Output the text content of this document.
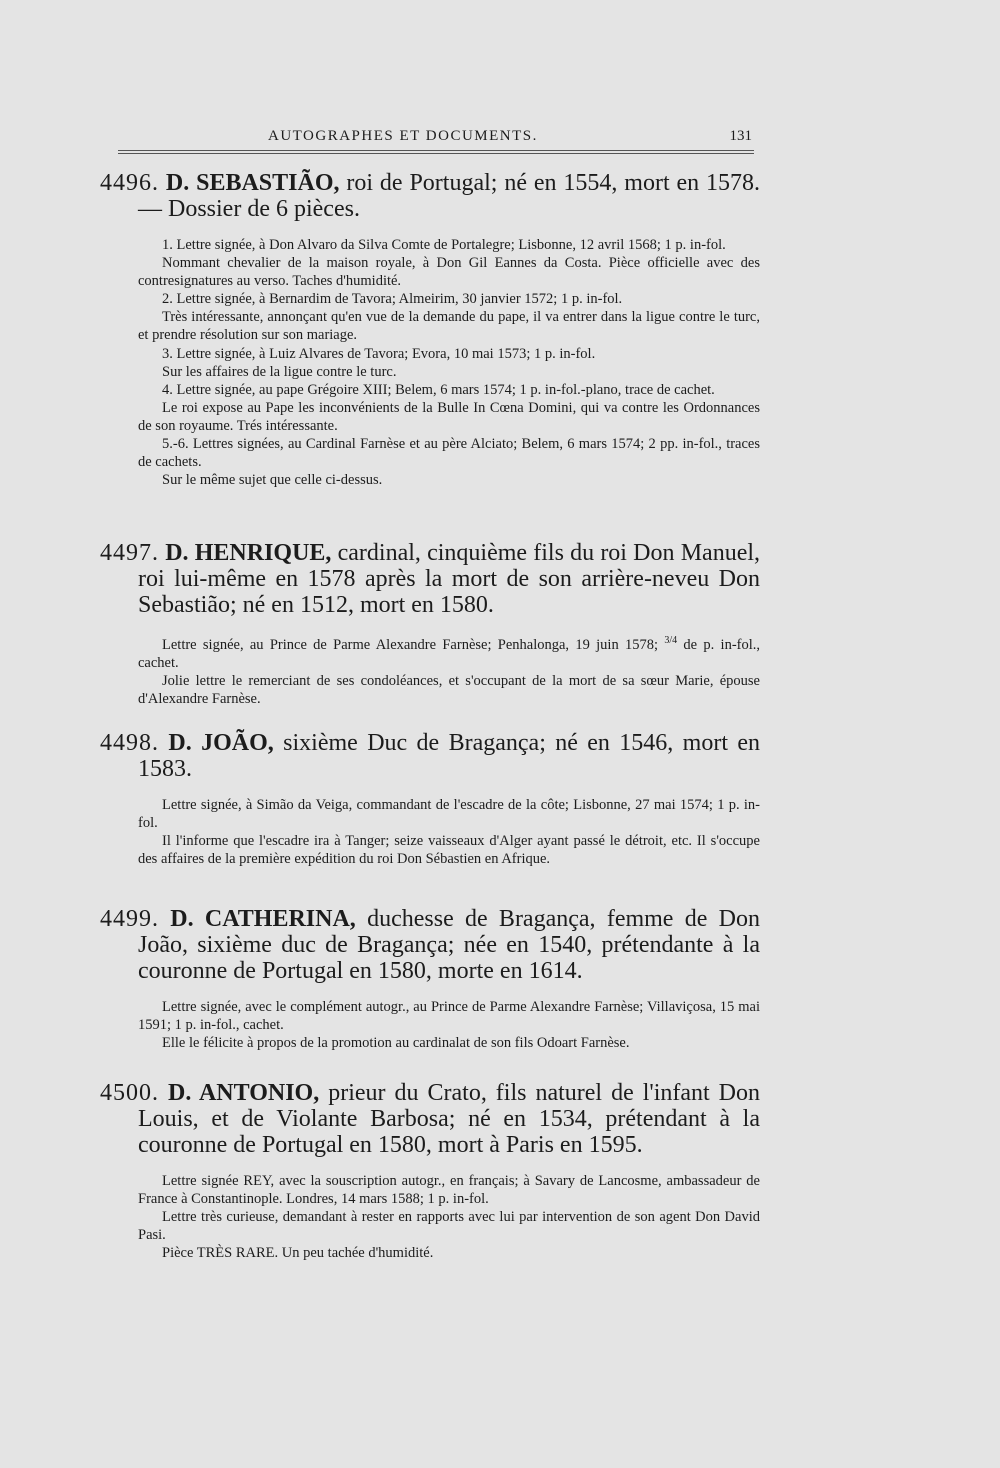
AUTOGRAPHES ET DOCUMENTS.	131

4496. D. SEBASTIÃO, roi de Portugal; né en 1554, mort en 1578. — Dossier de 6 pièces.

1. Lettre signée, à Don Alvaro da Silva Comte de Portalegre; Lisbonne, 12 avril 1568; 1 p. in-fol.

Nommant chevalier de la maison royale, à Don Gil Eannes da Costa. Pièce officielle avec des contresignatures au verso. Taches d'humidité.

2. Lettre signée, à Bernardim de Tavora; Almeirim, 30 janvier 1572; 1 p. in-fol.

Très intéressante, annonçant qu'en vue de la demande du pape, il va entrer dans la ligue contre le turc, et prendre résolution sur son mariage.

3. Lettre signée, à Luiz Alvares de Tavora; Evora, 10 mai 1573; 1 p. in-fol.

Sur les affaires de la ligue contre le turc.

4. Lettre signée, au pape Grégoire XIII; Belem, 6 mars 1574; 1 p. in-fol.-plano, trace de cachet.

Le roi expose au Pape les inconvénients de la Bulle In Cœna Domini, qui va contre les Ordonnances de son royaume. Trés intéressante.

5.-6. Lettres signées, au Cardinal Farnèse et au père Alciato; Belem, 6 mars 1574; 2 pp. in-fol., traces de cachets.

Sur le même sujet que celle ci-dessus.

4497. D. HENRIQUE, cardinal, cinquième fils du roi Don Manuel, roi lui-même en 1578 après la mort de son arrière-neveu Don Sebastião; né en 1512, mort en 1580.

Lettre signée, au Prince de Parme Alexandre Farnèse; Penhalonga, 19 juin 1578; $^{3/4}$ de p. in-fol., cachet.

Jolie lettre le remerciant de ses condoléances, et s'occupant de la mort de sa sœur Marie, épouse d'Alexandre Farnèse.

4498. D. JOÃO, sixième Duc de Bragança; né en 1546, mort en 1583.

Lettre signée, à Simão da Veiga, commandant de l'escadre de la côte; Lisbonne, 27 mai 1574; 1 p. in-fol.

Il l'informe que l'escadre ira à Tanger; seize vaisseaux d'Alger ayant passé le détroit, etc. Il s'occupe des affaires de la première expédition du roi Don Sébastien en Afrique.

4499. D. CATHERINA, duchesse de Bragança, femme de Don João, sixième duc de Bragança; née en 1540, prétendante à la couronne de Portugal en 1580, morte en 1614.

Lettre signée, avec le complément autogr., au Prince de Parme Alexandre Farnèse; Villaviçosa, 15 mai 1591; 1 p. in-fol., cachet.

Elle le félicite à propos de la promotion au cardinalat de son fils Odoart Farnèse.

4500. D. ANTONIO, prieur du Crato, fils naturel de l'infant Don Louis, et de Violante Barbosa; né en 1534, prétendant à la couronne de Portugal en 1580, mort à Paris en 1595.

Lettre signée REY, avec la souscription autogr., en français; à Savary de Lancosme, ambassadeur de France à Constantinople. Londres, 14 mars 1588; 1 p. in-fol.

Lettre très curieuse, demandant à rester en rapports avec lui par intervention de son agent Don David Pasi.

Pièce TRÈS RARE. Un peu tachée d'humidité.
